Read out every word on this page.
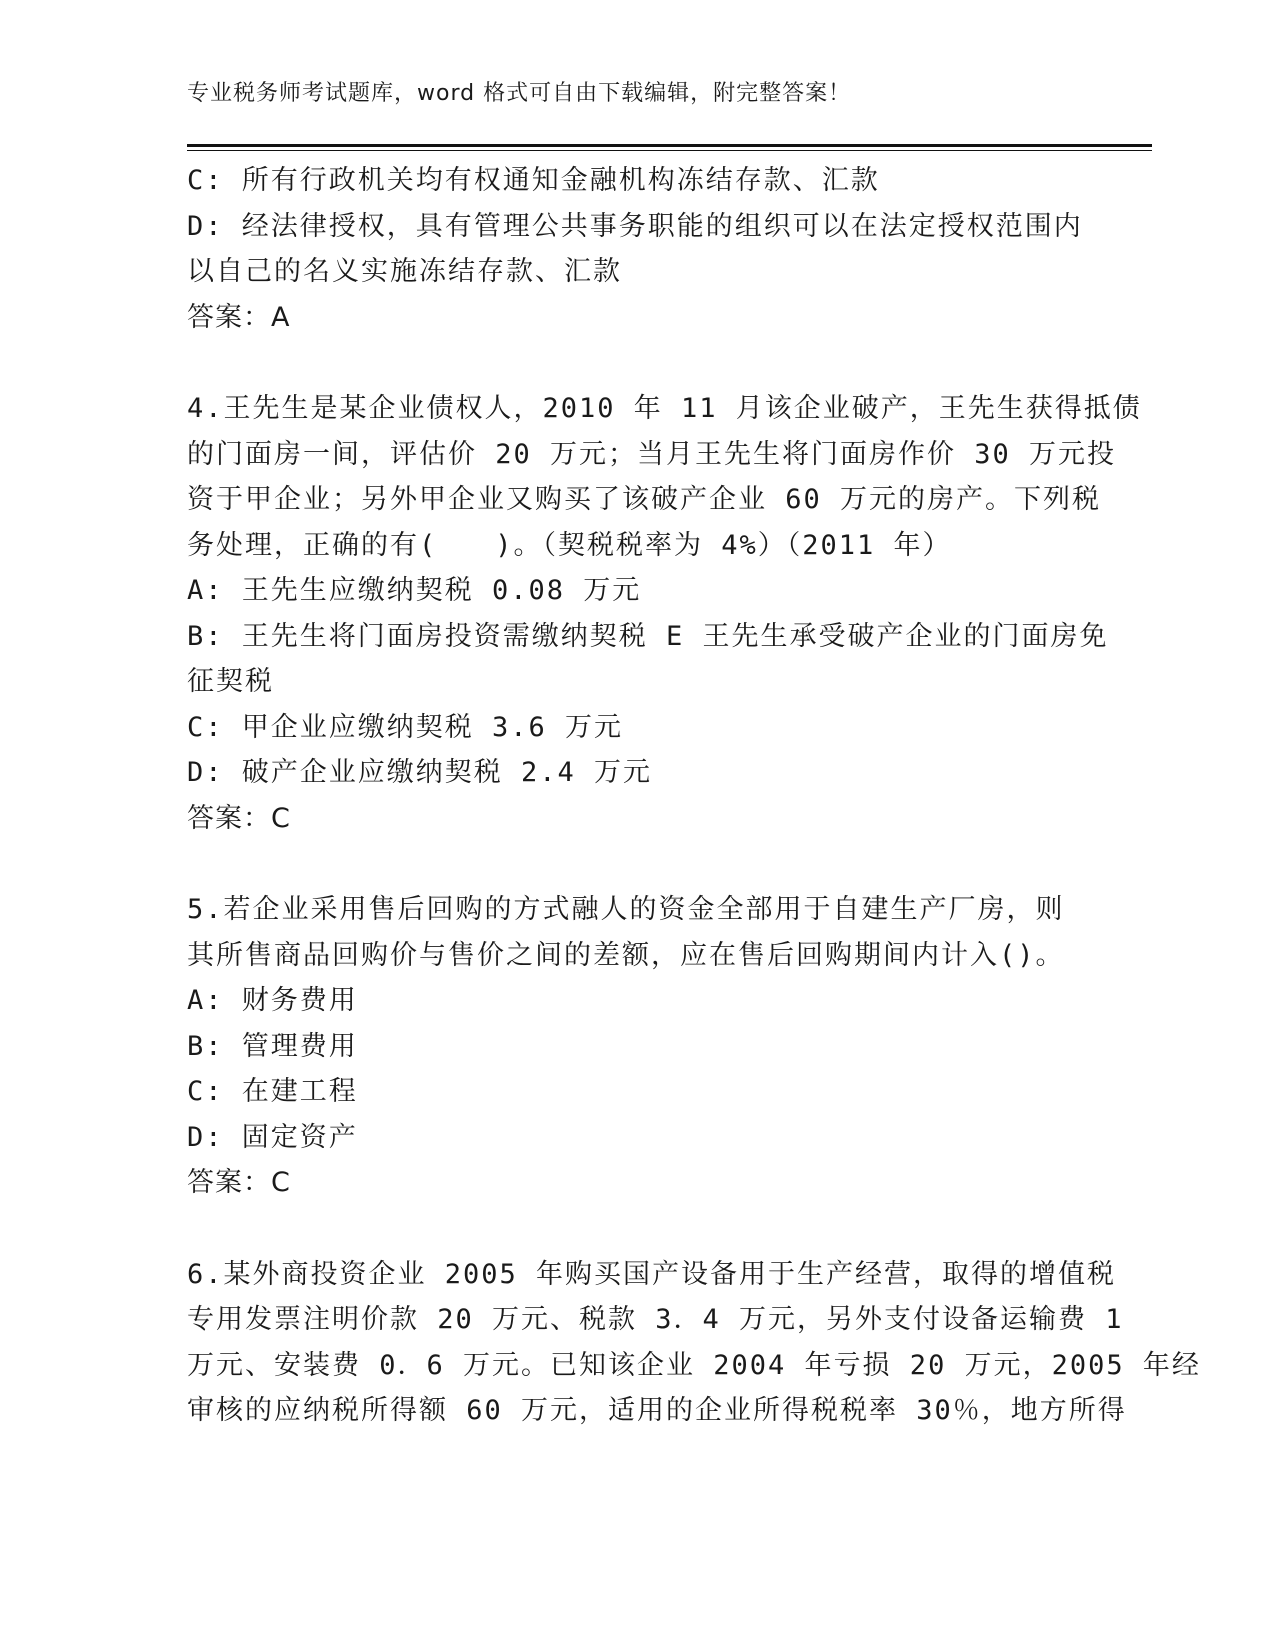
专业税务师考试题库，word 格式可自由下载编辑，附完整答案！
C: 所有行政机关均有权通知金融机构冻结存款、汇款
D: 经法律授权，具有管理公共事务职能的组织可以在法定授权范围内
以自己的名义实施冻结存款、汇款
答案：A
4.王先生是某企业债权人，2010 年 11 月该企业破产，王先生获得抵债
的门面房一间，评估价 20 万元；当月王先生将门面房作价 30 万元投
资于甲企业；另外甲企业又购买了该破产企业 60 万元的房产。下列税
务处理，正确的有(　　)。（契税税率为 4%）（2011 年）
A: 王先生应缴纳契税 0.08 万元
B: 王先生将门面房投资需缴纳契税 E 王先生承受破产企业的门面房免
征契税
C: 甲企业应缴纳契税 3.6 万元
D: 破产企业应缴纳契税 2.4 万元
答案：C
5.若企业采用售后回购的方式融人的资金全部用于自建生产厂房，则
其所售商品回购价与售价之间的差额，应在售后回购期间内计入()。
A: 财务费用
B: 管理费用
C: 在建工程
D: 固定资产
答案：C
6.某外商投资企业 2005 年购买国产设备用于生产经营，取得的增值税
专用发票注明价款 20 万元、税款 3．4 万元，另外支付设备运输费 1
万元、安装费 0．6 万元。已知该企业 2004 年亏损 20 万元，2005 年经
审核的应纳税所得额 60 万元，适用的企业所得税税率 30％，地方所得
